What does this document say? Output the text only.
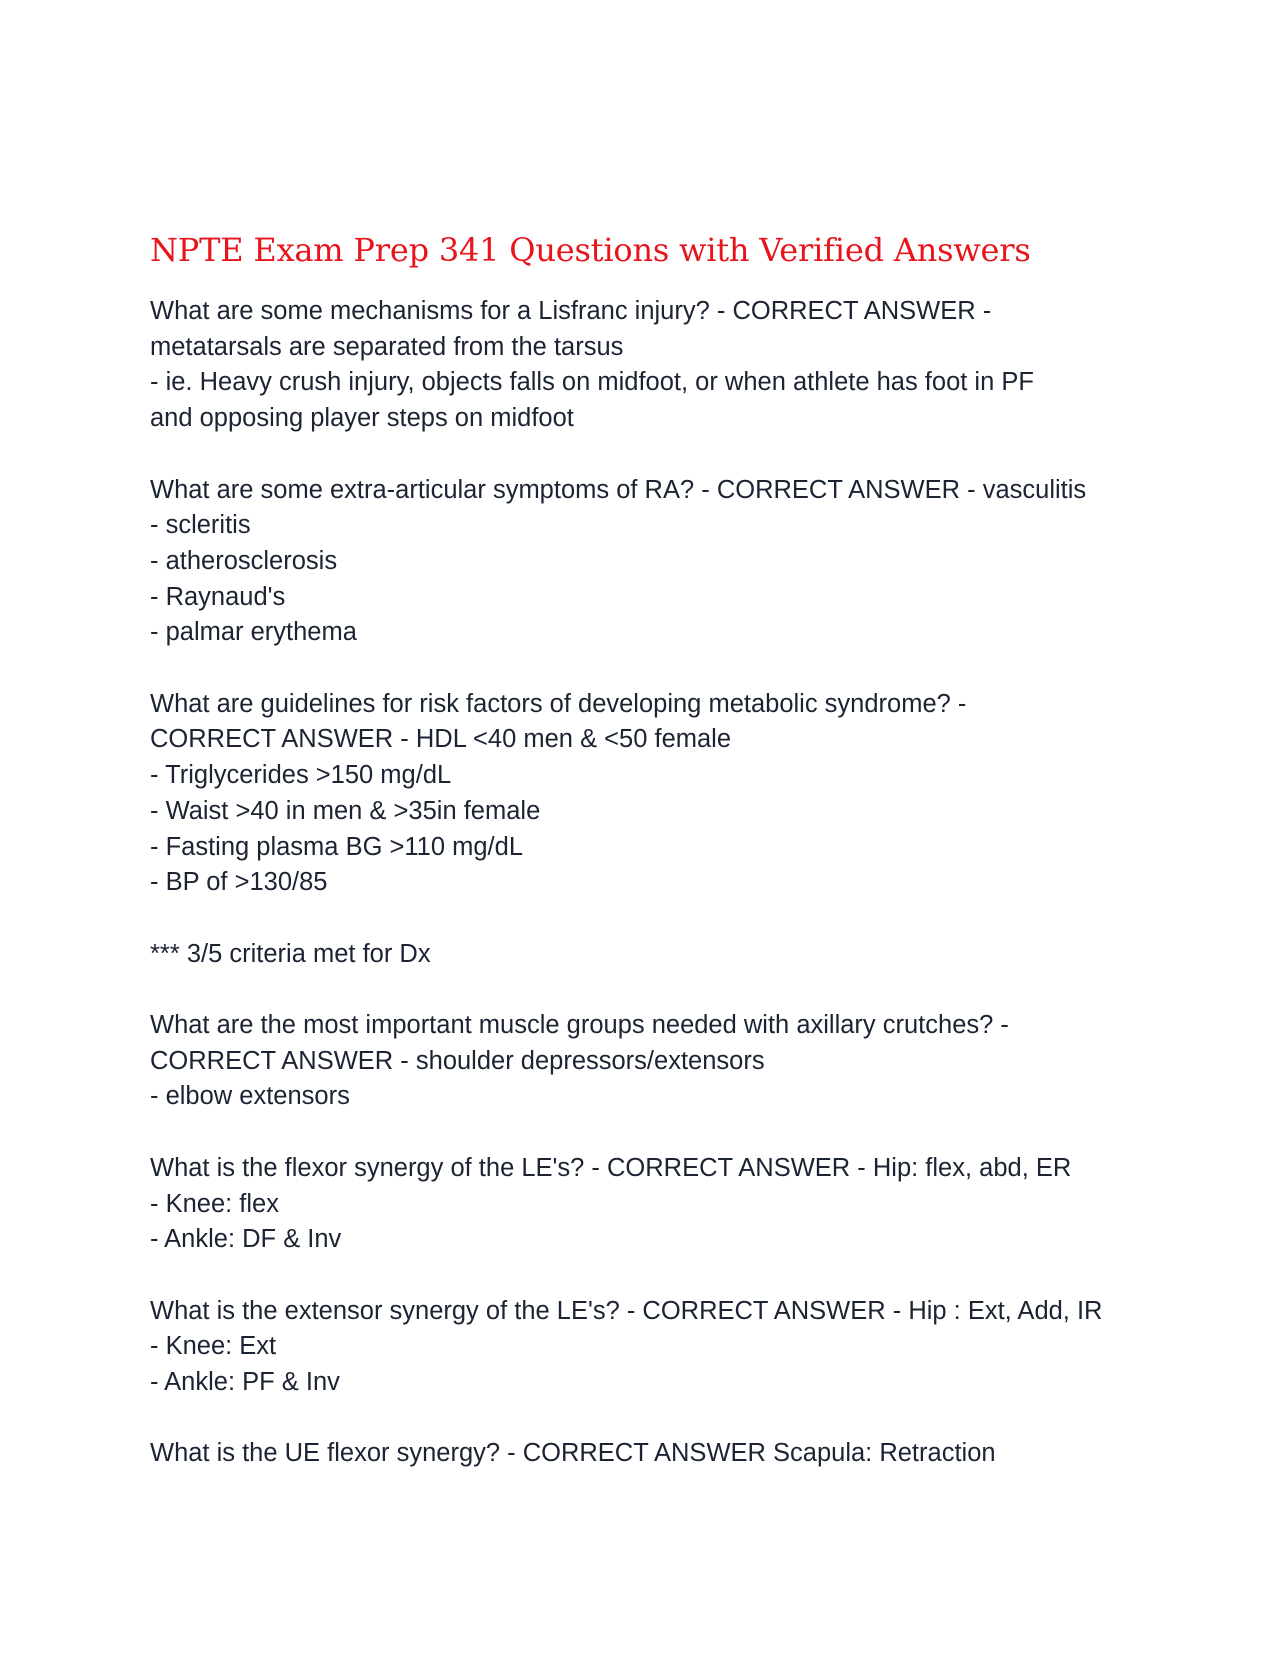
NPTE Exam Prep 341 Questions with Verified Answers
What are some mechanisms for a Lisfranc injury? - CORRECT ANSWER -
metatarsals are separated from the tarsus
- ie. Heavy crush injury, objects falls on midfoot, or when athlete has foot in PF
and opposing player steps on midfoot
What are some extra-articular symptoms of RA? - CORRECT ANSWER - vasculitis
- scleritis
- atherosclerosis
- Raynaud's
- palmar erythema
What are guidelines for risk factors of developing metabolic syndrome? -
CORRECT ANSWER - HDL <40 men & <50 female
- Triglycerides >150 mg/dL
- Waist >40 in men & >35in female
- Fasting plasma BG >110 mg/dL
- BP of >130/85
*** 3/5 criteria met for Dx
What are the most important muscle groups needed with axillary crutches? -
CORRECT ANSWER - shoulder depressors/extensors
- elbow extensors
What is the flexor synergy of the LE's? - CORRECT ANSWER - Hip: flex, abd, ER
- Knee: flex
- Ankle: DF & Inv
What is the extensor synergy of the LE's? - CORRECT ANSWER - Hip : Ext, Add, IR
- Knee: Ext
- Ankle: PF & Inv
What is the UE flexor synergy? - CORRECT ANSWER Scapula: Retraction
